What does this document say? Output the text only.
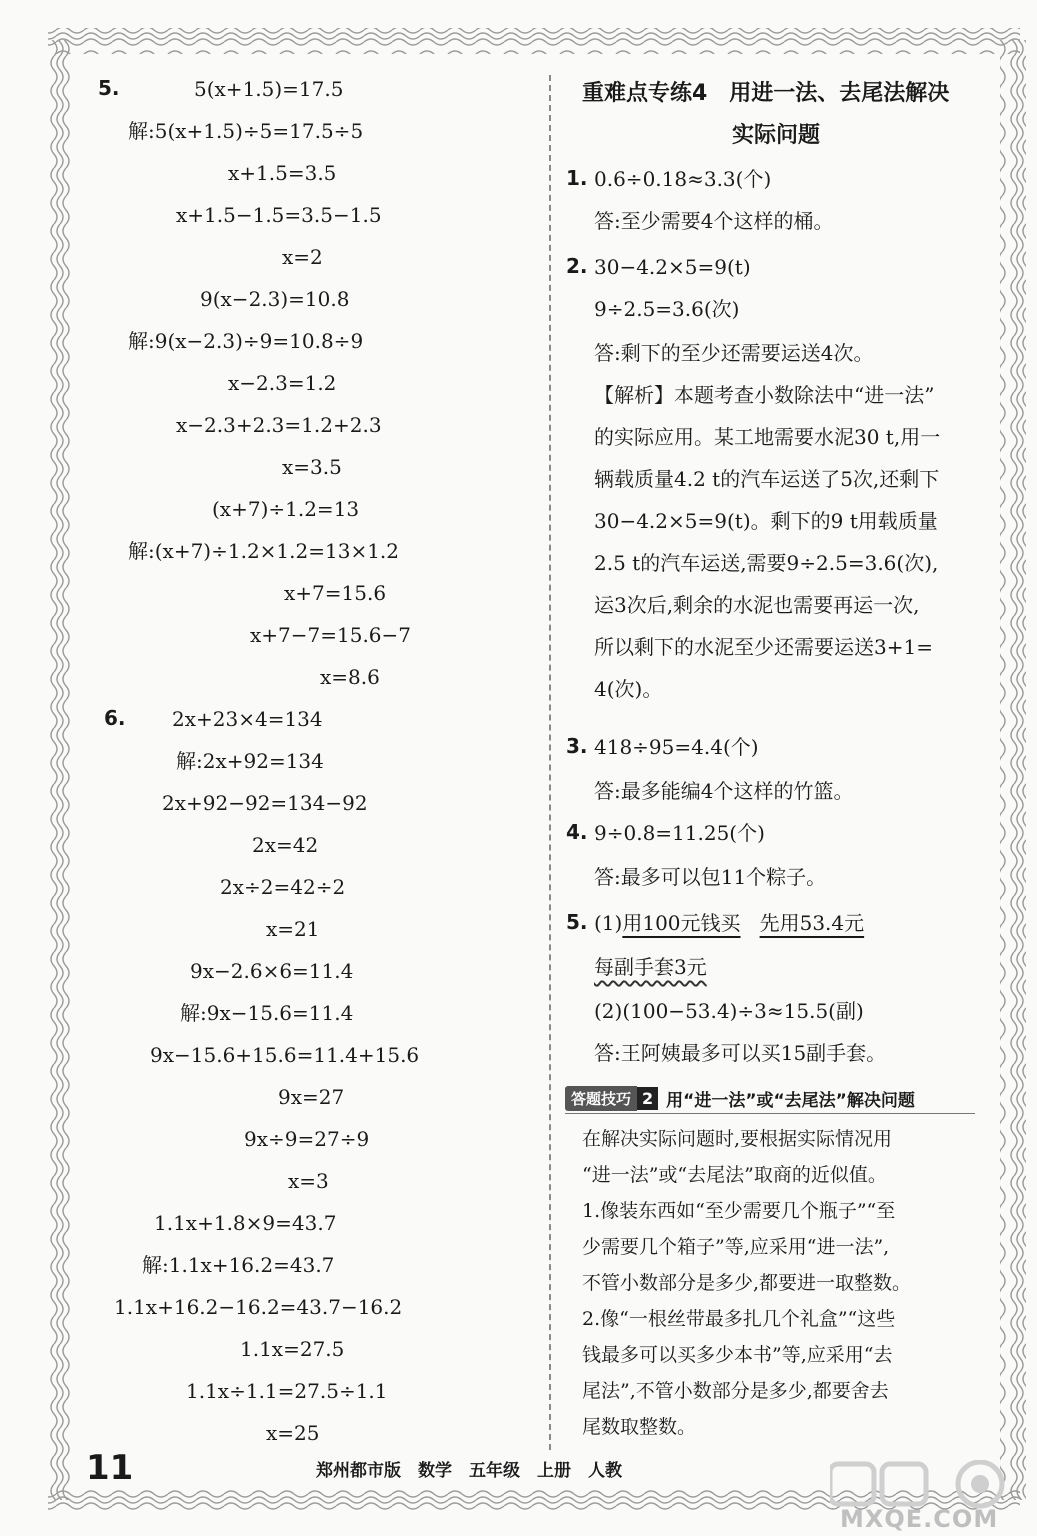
5.	5(x+1.5)=17.5
解:5(x+1.5)÷5=17.5÷5
x+1.5=3.5
x+1.5−1.5=3.5−1.5
x=2
9(x−2.3)=10.8
解:9(x−2.3)÷9=10.8÷9
x−2.3=1.2
x−2.3+2.3=1.2+2.3
x=3.5
(x+7)÷1.2=13
解:(x+7)÷1.2×1.2=13×1.2
x+7=15.6
x+7−7=15.6−7
x=8.6
6. 2x+23×4=134
解:2x+92=134
2x+92−92=134−92
2x=42
2x÷2=42÷2
x=21
9x−2.6×6=11.4
解:9x−15.6=11.4
9x−15.6+15.6=11.4+15.6
9x=27
9x÷9=27÷9
x=3
1.1x+1.8×9=43.7
解:1.1x+16.2=43.7
1.1x+16.2−16.2=43.7−16.2
1.1x=27.5
1.1x÷1.1=27.5÷1.1
x=25
重难点专练4　用进一法、去尾法解决
实际问题
1. 0.6÷0.18≈3.3(个)
答:至少需要4个这样的桶。
2. 30−4.2×5=9(t)
9÷2.5=3.6(次)
答:剩下的至少还需要运送4次。
【解析】本题考查小数除法中“进一法”
的实际应用。某工地需要水泥30 t,用一
辆载质量4.2 t的汽车运送了5次,还剩下
30−4.2×5=9(t)。剩下的9 t用载质量
2.5 t的汽车运送,需要9÷2.5=3.6(次),
运3次后,剩余的水泥也需要再运一次,
所以剩下的水泥至少还需要运送3+1=
4(次)。
3. 418÷95=4.4(个)
答:最多能编4个这样的竹篮。
4. 9÷0.8=11.25(个)
答:最多可以包11个粽子。
5. (1)用100元钱买 先用53.4元
每副手套3元
(2)(100−53.4)÷3≈15.5(副)
答:王阿姨最多可以买15副手套。
答题技巧 2 用“进一法”或“去尾法”解决问题
在解决实际问题时,要根据实际情况用
“进一法”或“去尾法”取商的近似值。
1.像装东西如“至少需要几个瓶子”“至
少需要几个箱子”等,应采用“进一法”,
不管小数部分是多少,都要进一取整数。
2.像“一根丝带最多扎几个礼盒”“这些
钱最多可以买多少本书”等,应采用“去
尾法”,不管小数部分是多少,都要舍去
尾数取整数。
11	郑州都市版　数学　五年级　上册　人教
MXQE.COM
